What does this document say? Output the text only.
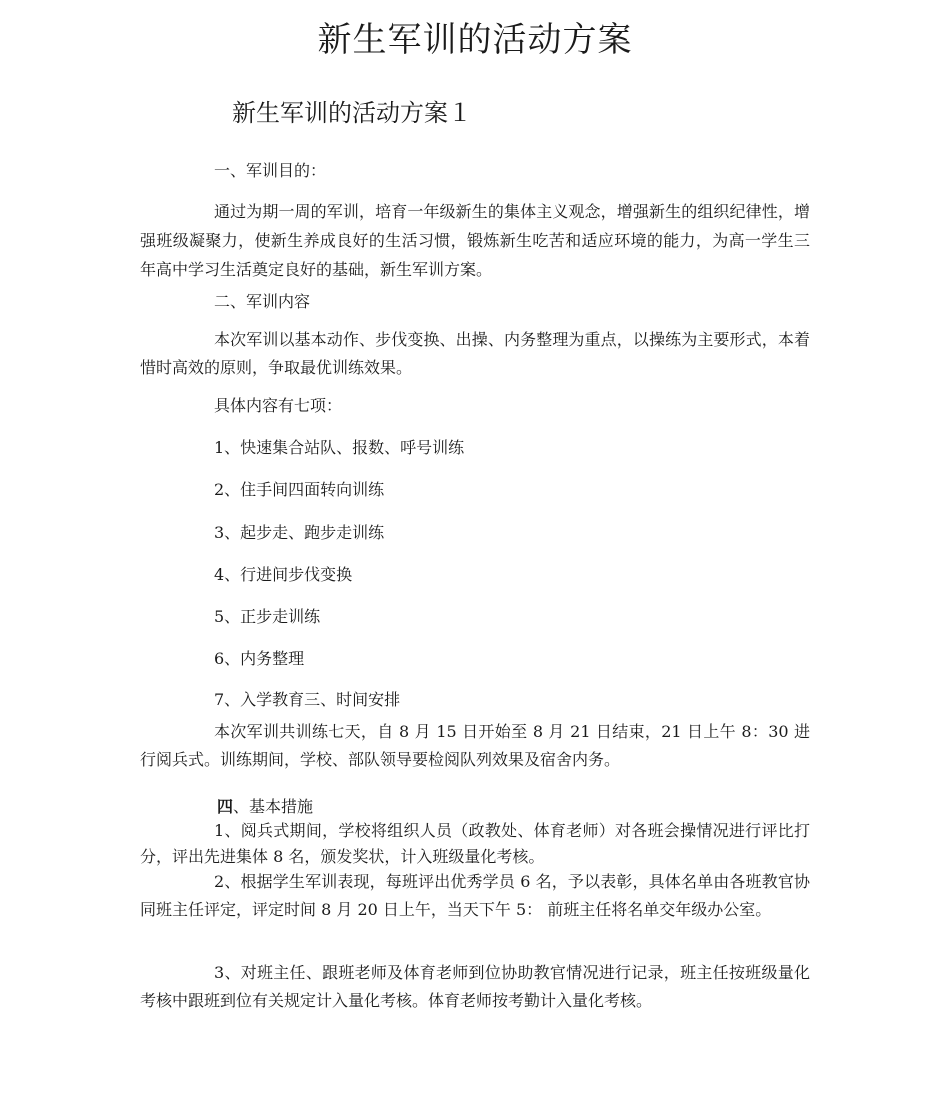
新生军训的活动方案
新生军训的活动方案１
一、军训目的：
通过为期一周的军训，培育一年级新生的集体主义观念，增强新生的组织纪律性，增强班级凝聚力，使新生养成良好的生活习惯，锻炼新生吃苦和适应环境的能力，为高一学生三年高中学习生活奠定良好的基础，新生军训方案。
二、军训内容
本次军训以基本动作、步伐变换、出操、内务整理为重点，以操练为主要形式，本着惜时高效的原则，争取最优训练效果。
具体内容有七项：
1、快速集合站队、报数、呼号训练
2、住手间四面转向训练
3、起步走、跑步走训练
4、行进间步伐变换
5、正步走训练
6、内务整理
7、入学教育三、时间安排
本次军训共训练七天，自 8 月 15 日开始至 8 月 21 日结束，21 日上午 8：30 进行阅兵式。训练期间，学校、部队领导要检阅队列效果及宿舍内务。
四、基本措施
1、阅兵式期间，学校将组织人员（政教处、体育老师）对各班会操情况进行评比打分，评出先进集体 8 名，颁发奖状，计入班级量化考核。
2、根据学生军训表现，每班评出优秀学员 6 名，予以表彰，具体名单由各班教官协同班主任评定，评定时间 8 月 20 日上午，当天下午 5： 前班主任将名单交年级办公室。
3、对班主任、跟班老师及体育老师到位协助教官情况进行记录，班主任按班级量化考核中跟班到位有关规定计入量化考核。体育老师按考勤计入量化考核。
